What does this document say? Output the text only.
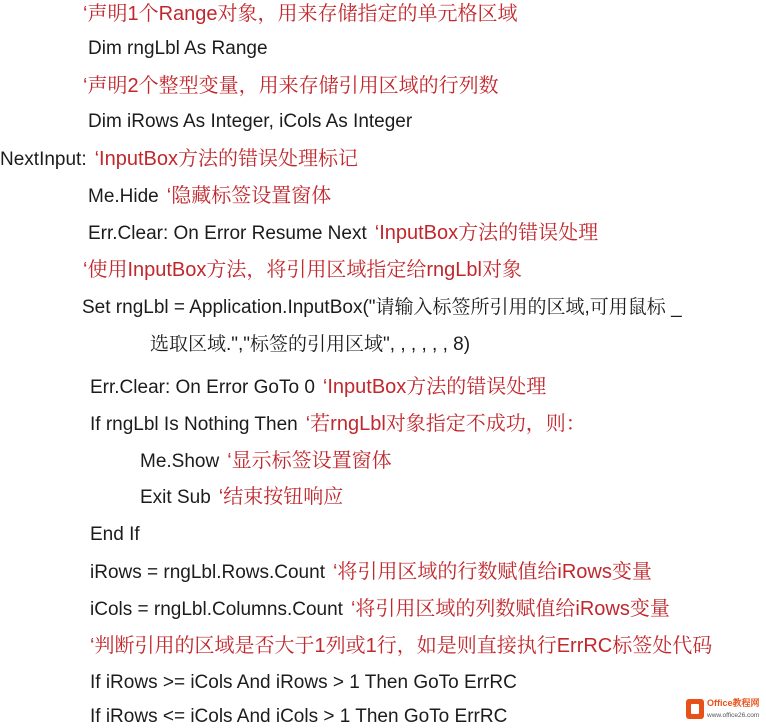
‘声明1个Range对象，用来存储指定的单元格区域
Dim rngLbl As Range
‘声明2个整型变量，用来存储引用区域的行列数
Dim iRows As Integer, iCols As Integer
NextInput: ‘InputBox方法的错误处理标记
Me.Hide ‘隐藏标签设置窗体
Err.Clear: On Error Resume Next ‘InputBox方法的错误处理
‘使用InputBox方法，将引用区域指定给rngLbl对象
Set rngLbl = Application.InputBox("请输入标签所引用的区域,可用鼠标 _
选取区域.","标签的引用区域", , , , , , 8)
Err.Clear: On Error GoTo 0 ‘InputBox方法的错误处理
If rngLbl Is Nothing Then ‘若rngLbl对象指定不成功，则：
Me.Show ‘显示标签设置窗体
Exit Sub ‘结束按钮响应
End If
iRows = rngLbl.Rows.Count ‘将引用区域的行数赋值给iRows变量
iCols = rngLbl.Columns.Count ‘将引用区域的列数赋值给iRows变量
‘判断引用的区域是否大于1列或1行，如是则直接执行ErrRC标签处代码
If iRows >= iCols And iRows > 1 Then GoTo ErrRC
If iRows <= iCols And iCols > 1 Then GoTo ErrRC
Office教程网
www.office26.com
